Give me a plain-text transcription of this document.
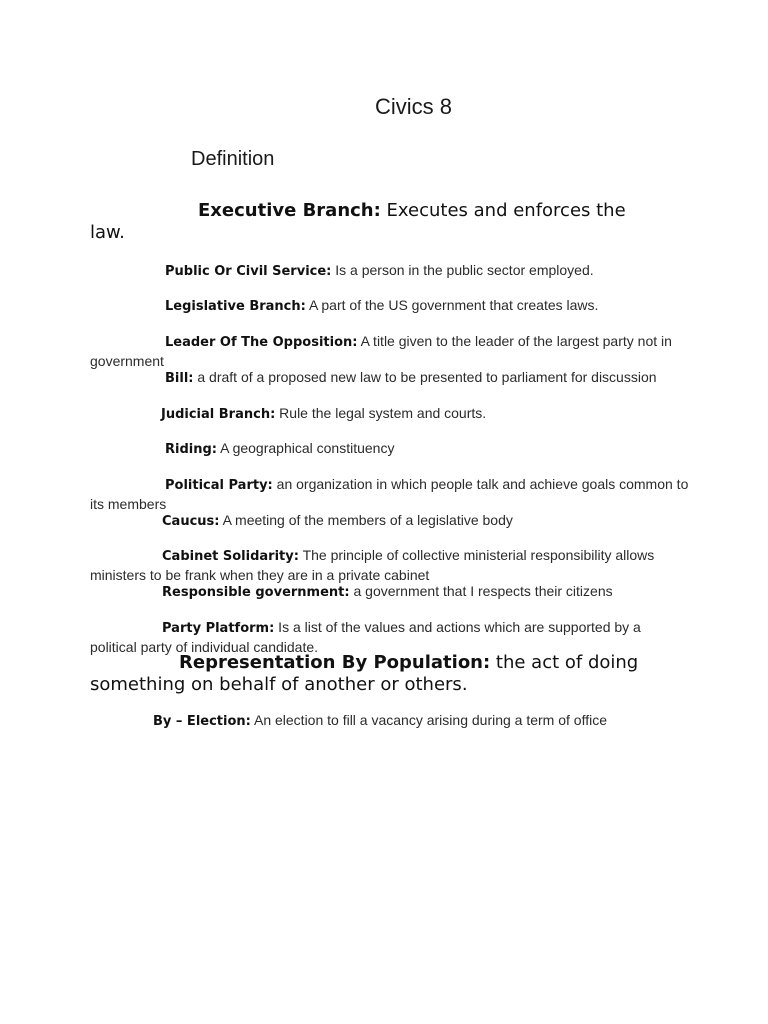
Civics 8
Definition
Executive Branch: Executes and enforces the law.
Public Or Civil Service: Is a person in the public sector employed.
Legislative Branch: A part of the US government that creates laws.
Leader Of The Opposition: A title given to the leader of the largest party not in government
Bill: a draft of a proposed new law to be presented to parliament for discussion
Judicial Branch: Rule the legal system and courts.
Riding: A geographical constituency
Political Party: an organization in which people talk and achieve goals common to its members
Caucus: A meeting of the members of a legislative body
Cabinet Solidarity: The principle of collective ministerial responsibility allows ministers to be frank when they are in a private cabinet
Responsible government: a government that I respects their citizens
Party Platform: Is a list of the values and actions which are supported by a political party of individual candidate.
Representation By Population: the act of doing something on behalf of another or others.
By – Election: An election to fill a vacancy arising during a term of office
